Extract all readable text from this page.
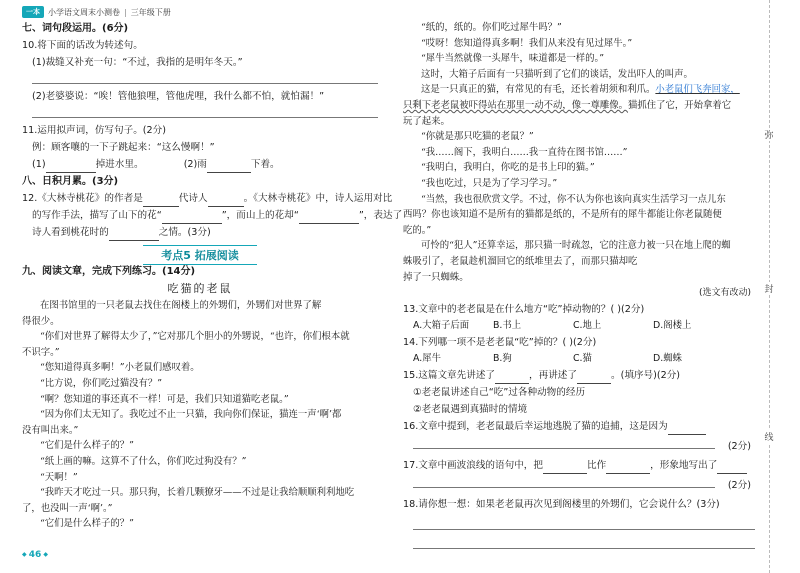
一本	小学语文周末小测卷 | 三年级下册
七、词句段运用。(6分)
10.将下面的话改为转述句。
(1)裁缝又补充一句：“不过，我指的是明年冬天。”
(2)老婆婆说：“唉！管他狼哩，管他虎哩，我什么都不怕，就怕漏！”
11.运用拟声词，仿写句子。(2分)
例：顾客嚷的一下子跳起来：“这么慢啊！”
(1)	掉进水里。	(2)雨	下着。
八、日积月累。(3分)
12.《大林寺桃花》的作者是	代诗人	。《大林寺桃花》中，诗人运用对比
的写作手法，描写了山下的花“	”，而山上的花却“	”，表达了
诗人看到桃花时的	之情。(3分)
考点5 拓展阅读
九、阅读文章，完成下列练习。(14分)
吃猫的老鼠
在图书馆里的一只老鼠去找住在阁楼上的外甥们，外甥们对世界了解
得很少。
“你们对世界了解得太少了，”它对那几个胆小的外甥说，“也许，你们根本就
不识字。”
“您知道得真多啊！”小老鼠们感叹着。
“比方说，你们吃过猫没有？”
“啊？您知道的事还真不一样！可是，我们只知道猫吃老鼠。”
“因为你们太无知了。我吃过不止一只猫，我向你们保证，猫连一声‘啊’都
没有叫出来。”
“它们是什么样子的？”
“纸上画的嘛。这算不了什么，你们吃过狗没有？”
“天啊！”
“我昨天才吃过一只。那只狗，长着几颗獠牙——不过是让我给顺顺利利地吃
了，也没叫一声‘啊’。”
“它们是什么样子的？”
“纸的，纸的。你们吃过犀牛吗？”
“哎呀！您知道得真多啊！我们从来没有见过犀牛。”
“犀牛当然就像一头犀牛，味道都是一样的。”
这时，大箱子后面有一只猫听到了它们的谈话，发出吓人的叫声。
这是一只真正的猫，有常见的有毛，还长着胡须和利爪。小老鼠们飞奔回家，
只剩下老老鼠被吓得站在那里一动不动，像一尊雕像。猫抓住了它，开始拿着它
玩了起来。
“你就是那只吃猫的老鼠？”
“我……阁下，我明白……我一直待在图书馆……”
“我明白，我明白，你吃的是书上印的猫。”
“我也吃过，只是为了学习学习。”
“当然，我也很欣赏文学。不过，你不认为你也该向真实生活学习一点儿东
西吗？你也该知道不是所有的猫都是纸的，不是所有的犀牛都能让你老鼠随便
吃的。”
可怜的“犯人”还算幸运，那只猫一时疏忽，它的注意力被一只在地上爬的蜘
蛛吸引了，老鼠趁机溜回它的纸堆里去了，而那只猫却吃
掉了一只蜘蛛。
(选文有改动)
13.文章中的老老鼠是在什么地方“吃”掉动物的？( )(2分)
A.大箱子后面	B.书上	C.地上	D.阁楼上
14.下列哪一项不是老老鼠“吃”掉的？( )(2分)
A.犀牛	B.狗	C.猫	D.蜘蛛
15.这篇文章先讲述了	，再讲述了	。(填序号)(2分)
①老老鼠讲述自己“吃”过各种动物的经历
②老老鼠遇到真猫时的情境
16.文章中提到，老老鼠最后幸运地逃脱了猫的追捕，这是因为
(2分)
17.文章中画波浪线的语句中，把	比作	，形象地写出了
(2分)
18.请你想一想：如果老老鼠再次见到阁楼里的外甥们，它会说什么？(3分)
◆ 46 ◆
弥
封
线
